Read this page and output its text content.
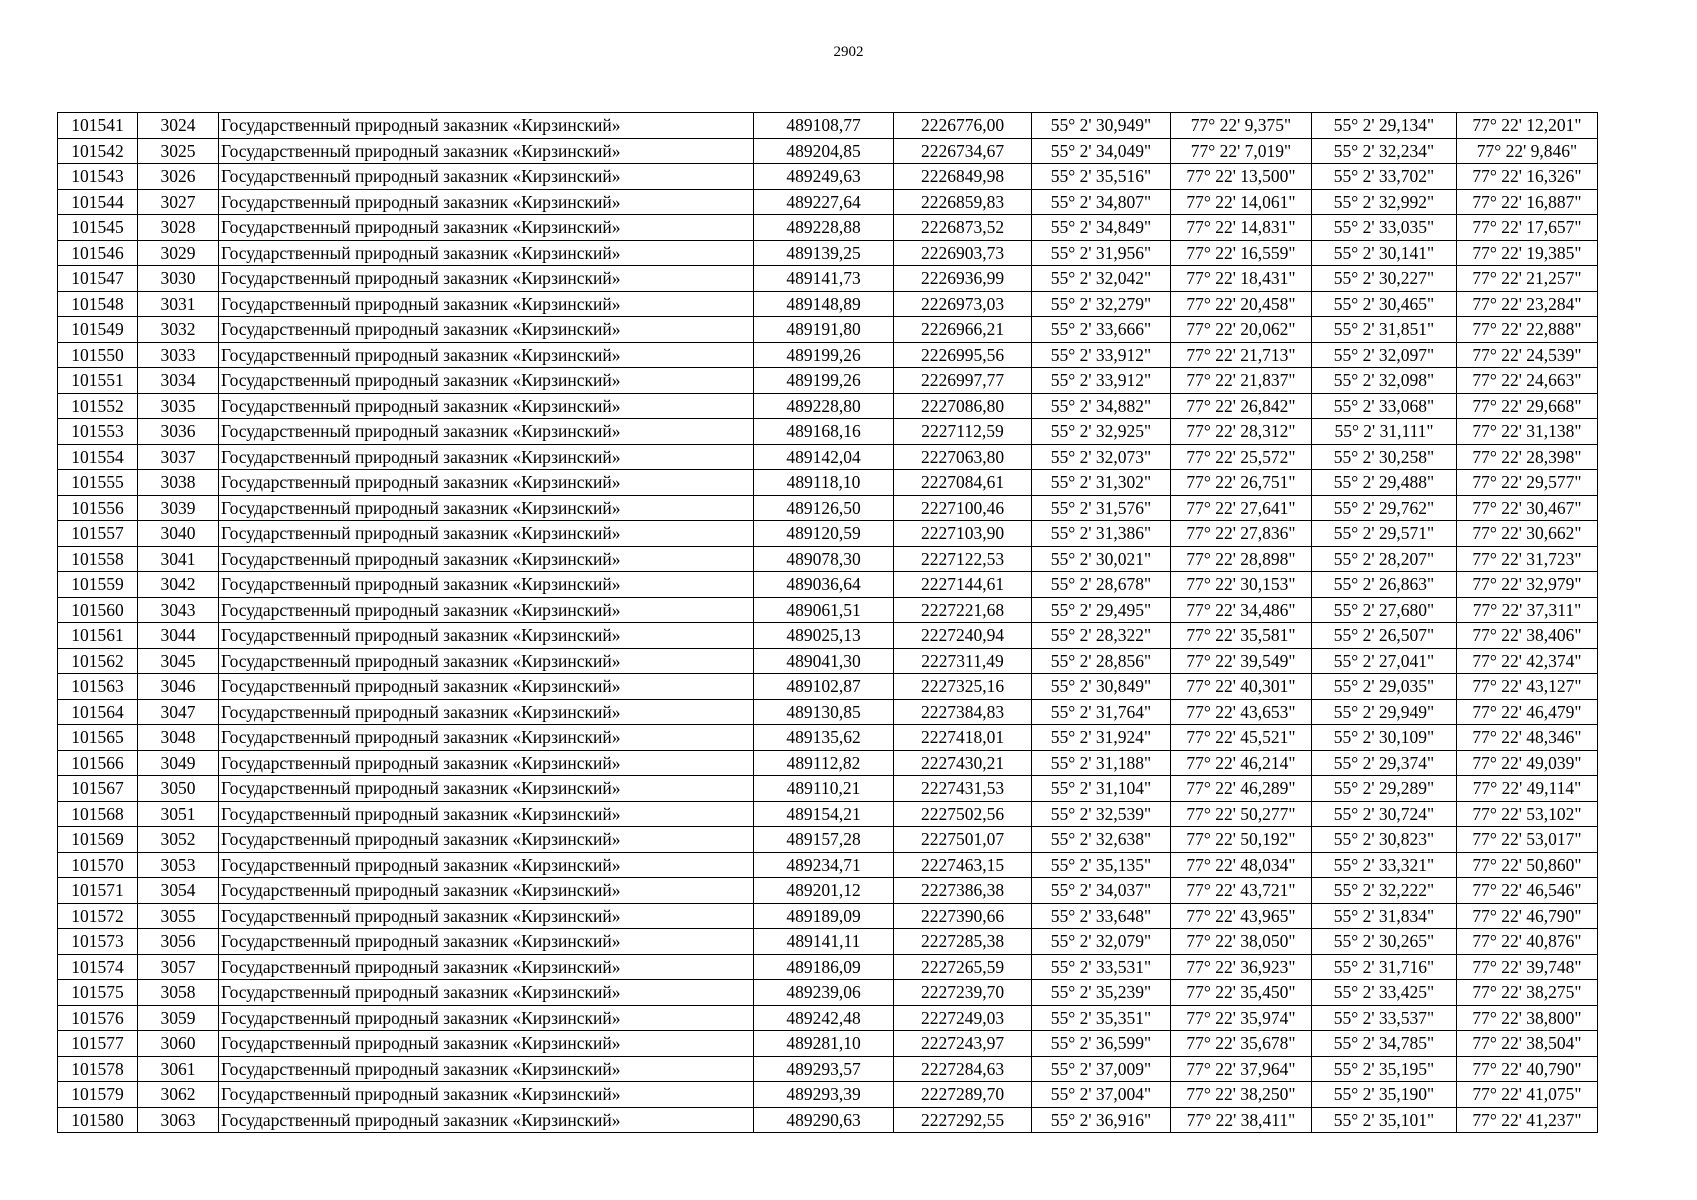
2902
101541	3024	Государственный природный заказник «Кирзинский»	489108,77	2226776,00	55° 2' 30,949"	77° 22' 9,375"	55° 2' 29,134"	77° 22' 12,201"
101542	3025	Государственный природный заказник «Кирзинский»	489204,85	2226734,67	55° 2' 34,049"	77° 22' 7,019"	55° 2' 32,234"	77° 22' 9,846"
101543	3026	Государственный природный заказник «Кирзинский»	489249,63	2226849,98	55° 2' 35,516"	77° 22' 13,500"	55° 2' 33,702"	77° 22' 16,326"
101544	3027	Государственный природный заказник «Кирзинский»	489227,64	2226859,83	55° 2' 34,807"	77° 22' 14,061"	55° 2' 32,992"	77° 22' 16,887"
101545	3028	Государственный природный заказник «Кирзинский»	489228,88	2226873,52	55° 2' 34,849"	77° 22' 14,831"	55° 2' 33,035"	77° 22' 17,657"
101546	3029	Государственный природный заказник «Кирзинский»	489139,25	2226903,73	55° 2' 31,956"	77° 22' 16,559"	55° 2' 30,141"	77° 22' 19,385"
101547	3030	Государственный природный заказник «Кирзинский»	489141,73	2226936,99	55° 2' 32,042"	77° 22' 18,431"	55° 2' 30,227"	77° 22' 21,257"
101548	3031	Государственный природный заказник «Кирзинский»	489148,89	2226973,03	55° 2' 32,279"	77° 22' 20,458"	55° 2' 30,465"	77° 22' 23,284"
101549	3032	Государственный природный заказник «Кирзинский»	489191,80	2226966,21	55° 2' 33,666"	77° 22' 20,062"	55° 2' 31,851"	77° 22' 22,888"
101550	3033	Государственный природный заказник «Кирзинский»	489199,26	2226995,56	55° 2' 33,912"	77° 22' 21,713"	55° 2' 32,097"	77° 22' 24,539"
101551	3034	Государственный природный заказник «Кирзинский»	489199,26	2226997,77	55° 2' 33,912"	77° 22' 21,837"	55° 2' 32,098"	77° 22' 24,663"
101552	3035	Государственный природный заказник «Кирзинский»	489228,80	2227086,80	55° 2' 34,882"	77° 22' 26,842"	55° 2' 33,068"	77° 22' 29,668"
101553	3036	Государственный природный заказник «Кирзинский»	489168,16	2227112,59	55° 2' 32,925"	77° 22' 28,312"	55° 2' 31,111"	77° 22' 31,138"
101554	3037	Государственный природный заказник «Кирзинский»	489142,04	2227063,80	55° 2' 32,073"	77° 22' 25,572"	55° 2' 30,258"	77° 22' 28,398"
101555	3038	Государственный природный заказник «Кирзинский»	489118,10	2227084,61	55° 2' 31,302"	77° 22' 26,751"	55° 2' 29,488"	77° 22' 29,577"
101556	3039	Государственный природный заказник «Кирзинский»	489126,50	2227100,46	55° 2' 31,576"	77° 22' 27,641"	55° 2' 29,762"	77° 22' 30,467"
101557	3040	Государственный природный заказник «Кирзинский»	489120,59	2227103,90	55° 2' 31,386"	77° 22' 27,836"	55° 2' 29,571"	77° 22' 30,662"
101558	3041	Государственный природный заказник «Кирзинский»	489078,30	2227122,53	55° 2' 30,021"	77° 22' 28,898"	55° 2' 28,207"	77° 22' 31,723"
101559	3042	Государственный природный заказник «Кирзинский»	489036,64	2227144,61	55° 2' 28,678"	77° 22' 30,153"	55° 2' 26,863"	77° 22' 32,979"
101560	3043	Государственный природный заказник «Кирзинский»	489061,51	2227221,68	55° 2' 29,495"	77° 22' 34,486"	55° 2' 27,680"	77° 22' 37,311"
101561	3044	Государственный природный заказник «Кирзинский»	489025,13	2227240,94	55° 2' 28,322"	77° 22' 35,581"	55° 2' 26,507"	77° 22' 38,406"
101562	3045	Государственный природный заказник «Кирзинский»	489041,30	2227311,49	55° 2' 28,856"	77° 22' 39,549"	55° 2' 27,041"	77° 22' 42,374"
101563	3046	Государственный природный заказник «Кирзинский»	489102,87	2227325,16	55° 2' 30,849"	77° 22' 40,301"	55° 2' 29,035"	77° 22' 43,127"
101564	3047	Государственный природный заказник «Кирзинский»	489130,85	2227384,83	55° 2' 31,764"	77° 22' 43,653"	55° 2' 29,949"	77° 22' 46,479"
101565	3048	Государственный природный заказник «Кирзинский»	489135,62	2227418,01	55° 2' 31,924"	77° 22' 45,521"	55° 2' 30,109"	77° 22' 48,346"
101566	3049	Государственный природный заказник «Кирзинский»	489112,82	2227430,21	55° 2' 31,188"	77° 22' 46,214"	55° 2' 29,374"	77° 22' 49,039"
101567	3050	Государственный природный заказник «Кирзинский»	489110,21	2227431,53	55° 2' 31,104"	77° 22' 46,289"	55° 2' 29,289"	77° 22' 49,114"
101568	3051	Государственный природный заказник «Кирзинский»	489154,21	2227502,56	55° 2' 32,539"	77° 22' 50,277"	55° 2' 30,724"	77° 22' 53,102"
101569	3052	Государственный природный заказник «Кирзинский»	489157,28	2227501,07	55° 2' 32,638"	77° 22' 50,192"	55° 2' 30,823"	77° 22' 53,017"
101570	3053	Государственный природный заказник «Кирзинский»	489234,71	2227463,15	55° 2' 35,135"	77° 22' 48,034"	55° 2' 33,321"	77° 22' 50,860"
101571	3054	Государственный природный заказник «Кирзинский»	489201,12	2227386,38	55° 2' 34,037"	77° 22' 43,721"	55° 2' 32,222"	77° 22' 46,546"
101572	3055	Государственный природный заказник «Кирзинский»	489189,09	2227390,66	55° 2' 33,648"	77° 22' 43,965"	55° 2' 31,834"	77° 22' 46,790"
101573	3056	Государственный природный заказник «Кирзинский»	489141,11	2227285,38	55° 2' 32,079"	77° 22' 38,050"	55° 2' 30,265"	77° 22' 40,876"
101574	3057	Государственный природный заказник «Кирзинский»	489186,09	2227265,59	55° 2' 33,531"	77° 22' 36,923"	55° 2' 31,716"	77° 22' 39,748"
101575	3058	Государственный природный заказник «Кирзинский»	489239,06	2227239,70	55° 2' 35,239"	77° 22' 35,450"	55° 2' 33,425"	77° 22' 38,275"
101576	3059	Государственный природный заказник «Кирзинский»	489242,48	2227249,03	55° 2' 35,351"	77° 22' 35,974"	55° 2' 33,537"	77° 22' 38,800"
101577	3060	Государственный природный заказник «Кирзинский»	489281,10	2227243,97	55° 2' 36,599"	77° 22' 35,678"	55° 2' 34,785"	77° 22' 38,504"
101578	3061	Государственный природный заказник «Кирзинский»	489293,57	2227284,63	55° 2' 37,009"	77° 22' 37,964"	55° 2' 35,195"	77° 22' 40,790"
101579	3062	Государственный природный заказник «Кирзинский»	489293,39	2227289,70	55° 2' 37,004"	77° 22' 38,250"	55° 2' 35,190"	77° 22' 41,075"
101580	3063	Государственный природный заказник «Кирзинский»	489290,63	2227292,55	55° 2' 36,916"	77° 22' 38,411"	55° 2' 35,101"	77° 22' 41,237"
